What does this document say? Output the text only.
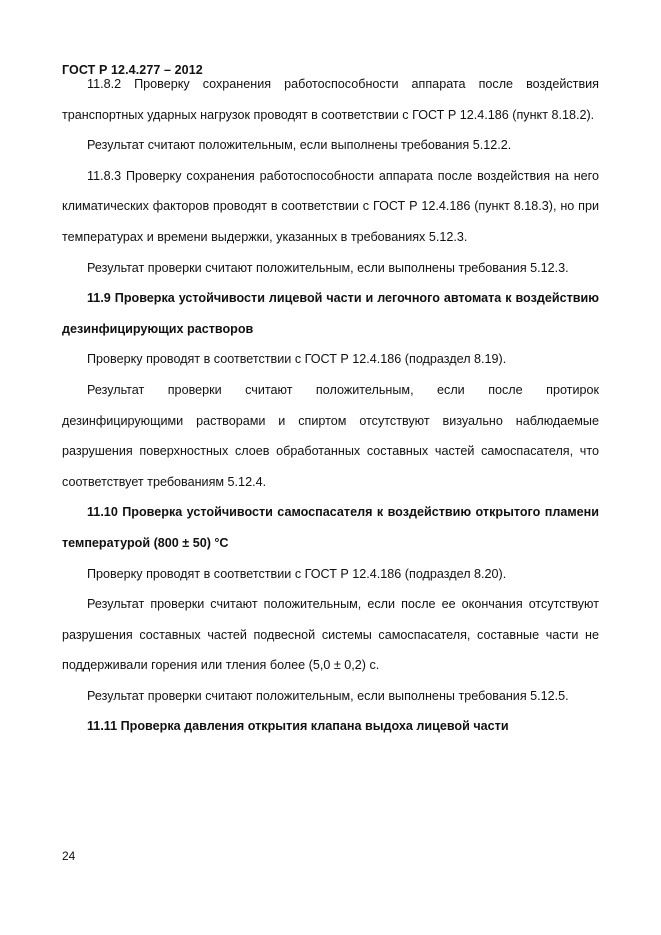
ГОСТ Р 12.4.277 – 2012

11.8.2 Проверку сохранения работоспособности аппарата после воздействия транспортных ударных нагрузок проводят в соответствии с ГОСТ Р 12.4.186 (пункт 8.18.2).

Результат считают положительным, если выполнены требования 5.12.2.

11.8.3 Проверку сохранения работоспособности аппарата после воздействия на него климатических факторов проводят в соответствии с ГОСТ Р 12.4.186 (пункт 8.18.3), но при температурах и времени выдержки, указанных в требованиях 5.12.3.

Результат проверки считают положительным, если выполнены требования 5.12.3.

11.9 Проверка устойчивости лицевой части и легочного автомата к воздействию дезинфицирующих растворов

Проверку проводят в соответствии с ГОСТ Р 12.4.186 (подраздел 8.19).

Результат проверки считают положительным, если после протирок дезинфицирующими растворами и спиртом отсутствуют визуально наблюдаемые разрушения поверхностных слоев обработанных составных частей самоспасателя, что соответствует требованиям 5.12.4.

11.10 Проверка устойчивости самоспасателя к воздействию открытого пламени температурой (800 ± 50) °С

Проверку проводят в соответствии с ГОСТ Р 12.4.186 (подраздел 8.20).

Результат проверки считают положительным, если после ее окончания отсутствуют разрушения составных частей подвесной системы самоспасателя, составные части не поддерживали горения или тления более (5,0 ± 0,2) с.

Результат проверки считают положительным, если выполнены требования 5.12.5.

11.11 Проверка давления открытия клапана выдоха лицевой части

24
